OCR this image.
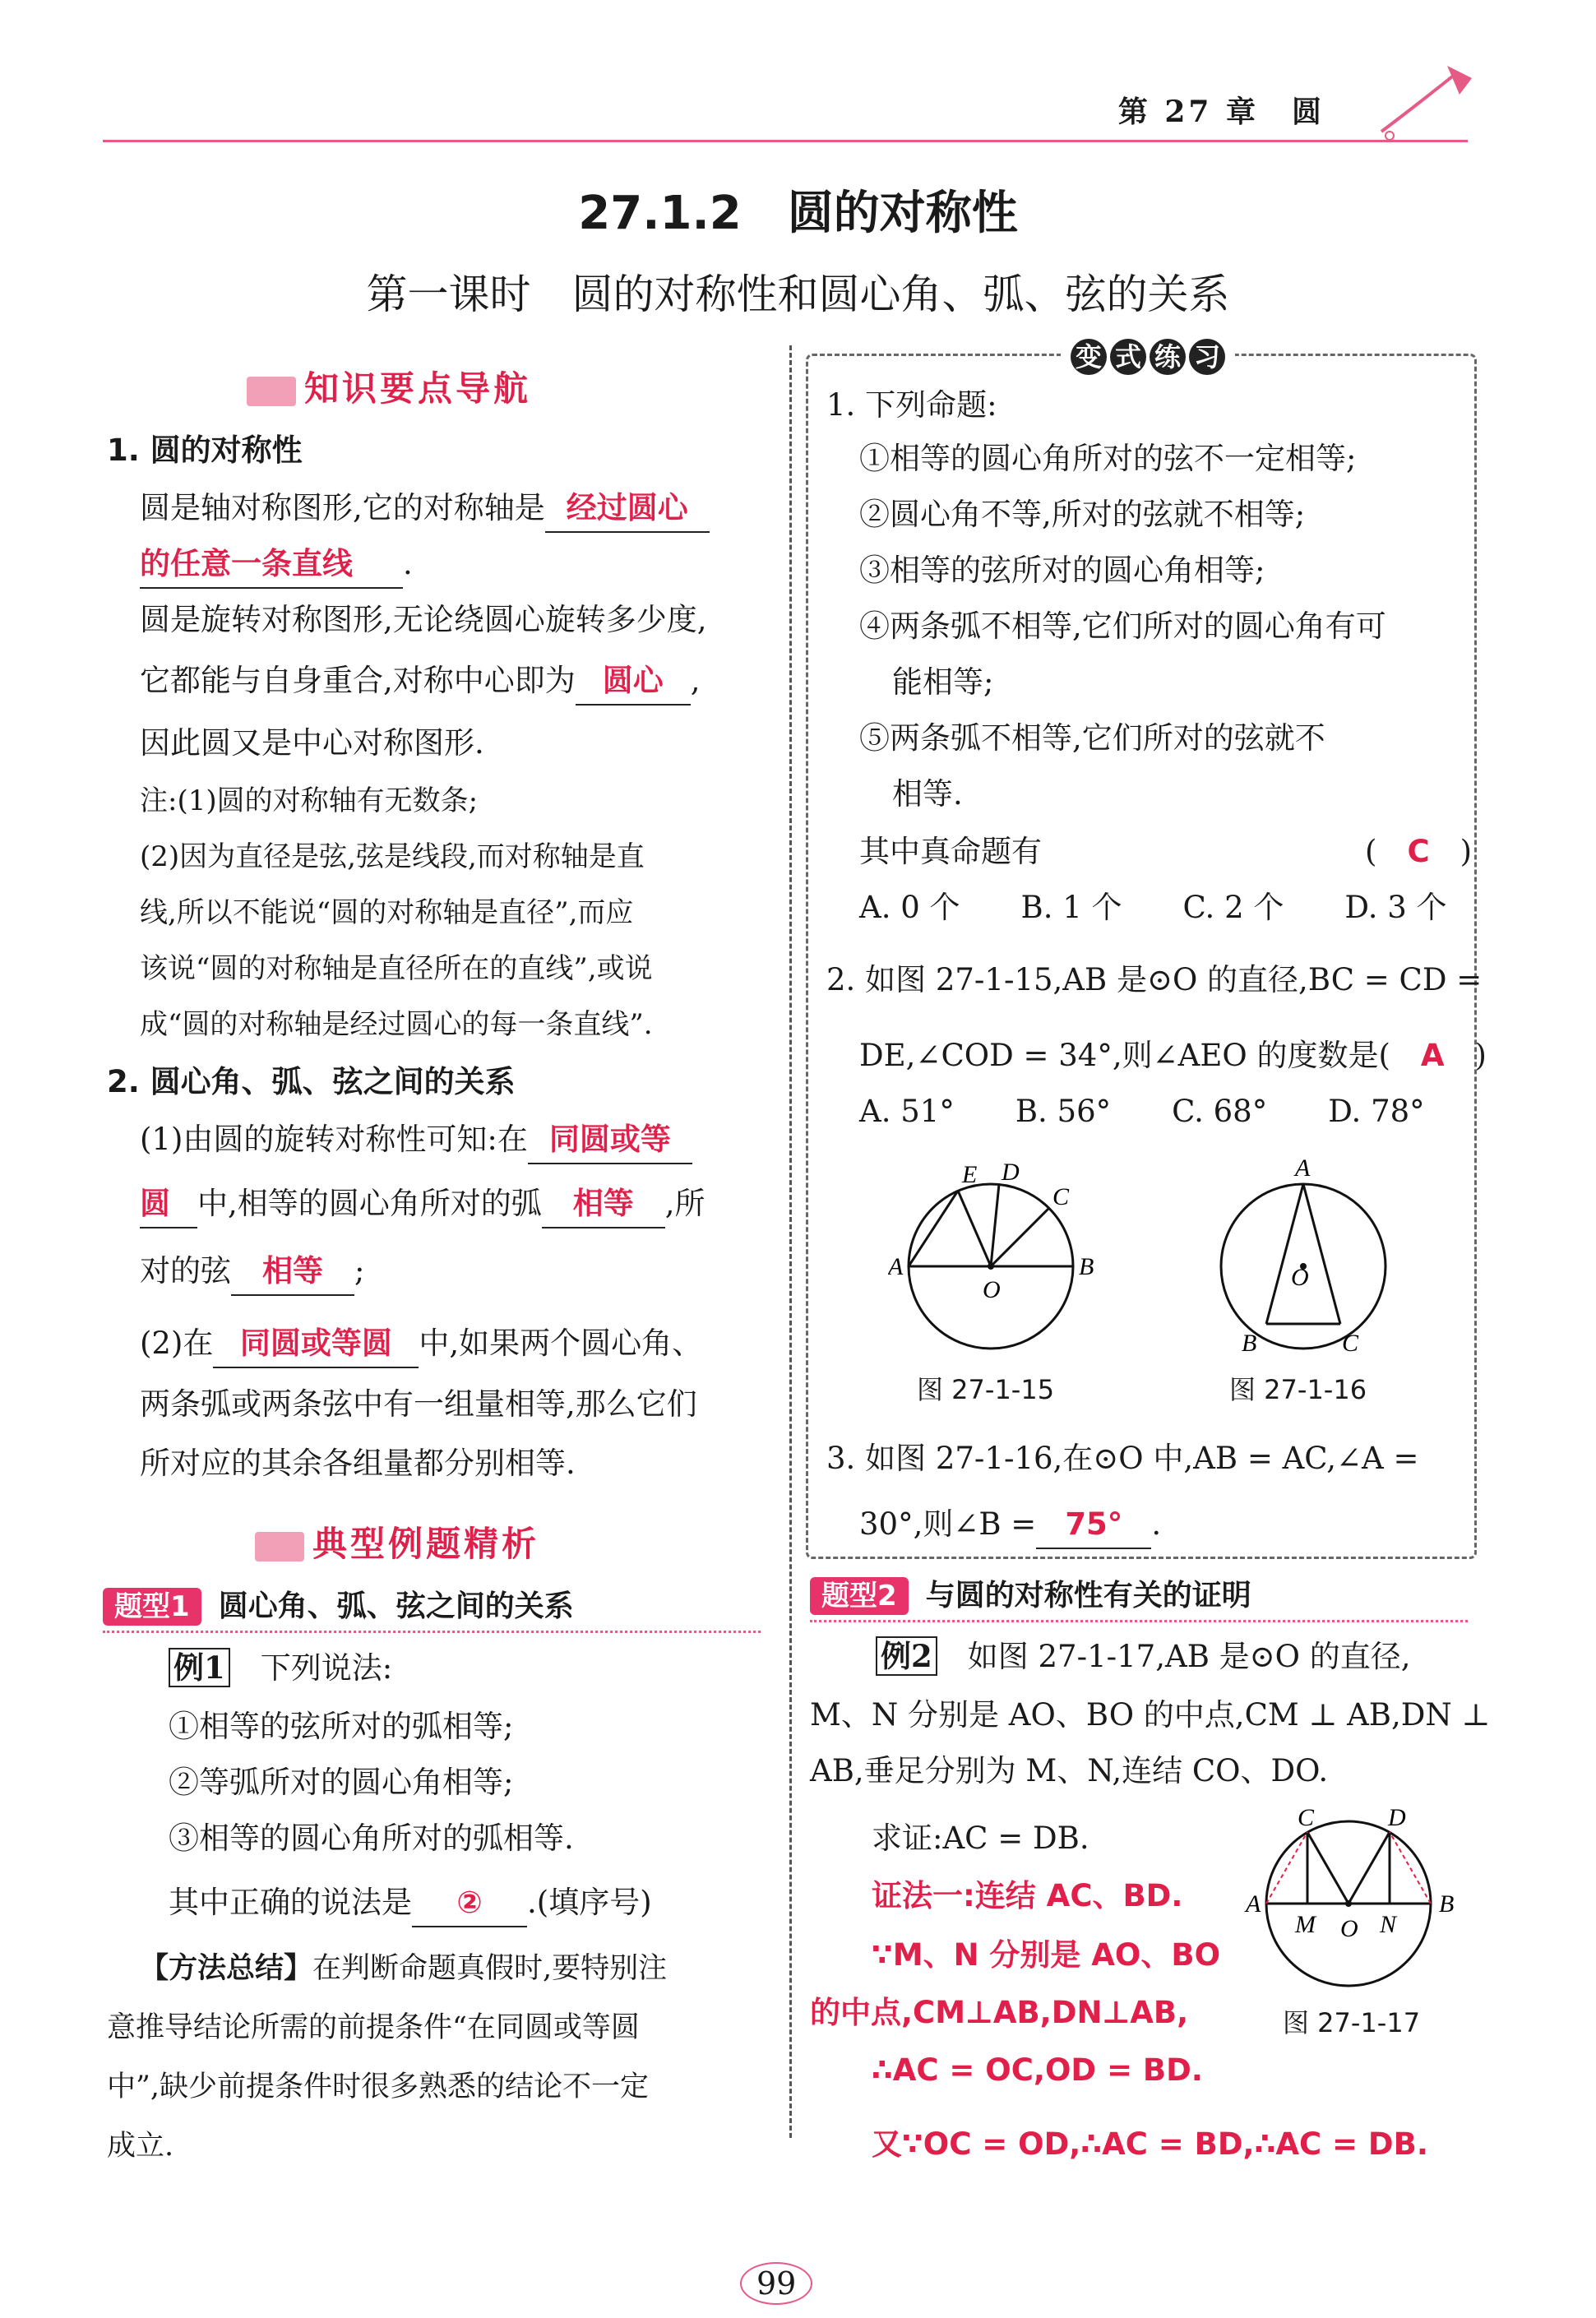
第 27 章　圆
27.1.2　圆的对称性
第一课时　圆的对称性和圆心角、弧、弦的关系
知识要点导航
1. 圆的对称性
圆是轴对称图形,它的对称轴是 经过圆心
的任意一条直线 .
圆是旋转对称图形,无论绕圆心旋转多少度,
它都能与自身重合,对称中心即为 圆心 ,
因此圆又是中心对称图形.
注:(1)圆的对称轴有无数条;
(2)因为直径是弦,弦是线段,而对称轴是直
线,所以不能说“圆的对称轴是直径”,而应
该说“圆的对称轴是直径所在的直线”,或说
成“圆的对称轴是经过圆心的每一条直线”.
2. 圆心角、弧、弦之间的关系
(1)由圆的旋转对称性可知:在 同圆或等
圆 中,相等的圆心角所对的弧 相等 ,所
对的弦 相等 ;
(2)在 同圆或等圆 中,如果两个圆心角、
两条弧或两条弦中有一组量相等,那么它们
所对应的其余各组量都分别相等.
典型例题精析
题型1 圆心角、弧、弦之间的关系
例1　 下列说法:
①相等的弦所对的弧相等;
②等弧所对的圆心角相等;
③相等的圆心角所对的弧相等.
其中正确的说法是 ② .(填序号)
【方法总结】在判断命题真假时,要特别注
意推导结论所需的前提条件“在同圆或等圆
中”,缺少前提条件时很多熟悉的结论不一定
成立.
变 式 练 习
1. 下列命题:
①相等的圆心角所对的弦不一定相等;
②圆心角不等,所对的弦就不相等;
③相等的弦所对的圆心角相等;
④两条弧不相等,它们所对的圆心角有可
能相等;
⑤两条弧不相等,它们所对的弦就不
相等.
其中真命题有	(　C　)
A. 0 个　　B. 1 个　　C. 2 个　　D. 3 个
2. 如图 27-1-15,AB 是⊙O 的直径,BC = CD =
DE,∠COD = 34°,则∠AEO 的度数是(　A　)
A. 51°　　B. 56°　　C. 68°　　D. 78°
A	B
C
D
E
O
图 27-1-15
A
B	C
O
图 27-1-16
3. 如图 27-1-16,在⊙O 中,AB = AC,∠A =
30°,则∠B = 75° .
题型2 与圆的对称性有关的证明
例2　 如图 27-1-17,AB 是⊙O 的直径,
M、N 分别是 AO、BO 的中点,CM ⊥ AB,DN ⊥
AB,垂足分别为 M、N,连结 CO、DO.
求证:AC = DB.
证法一:连结 AC、BD.
∵M、N 分别是 AO、BO
的中点,CM⊥AB,DN⊥AB,
∴AC = OC,OD = BD.
又∵OC = OD,∴AC = BD,∴AC = DB.
A	B
C	D
M O N
图 27-1-17
99
